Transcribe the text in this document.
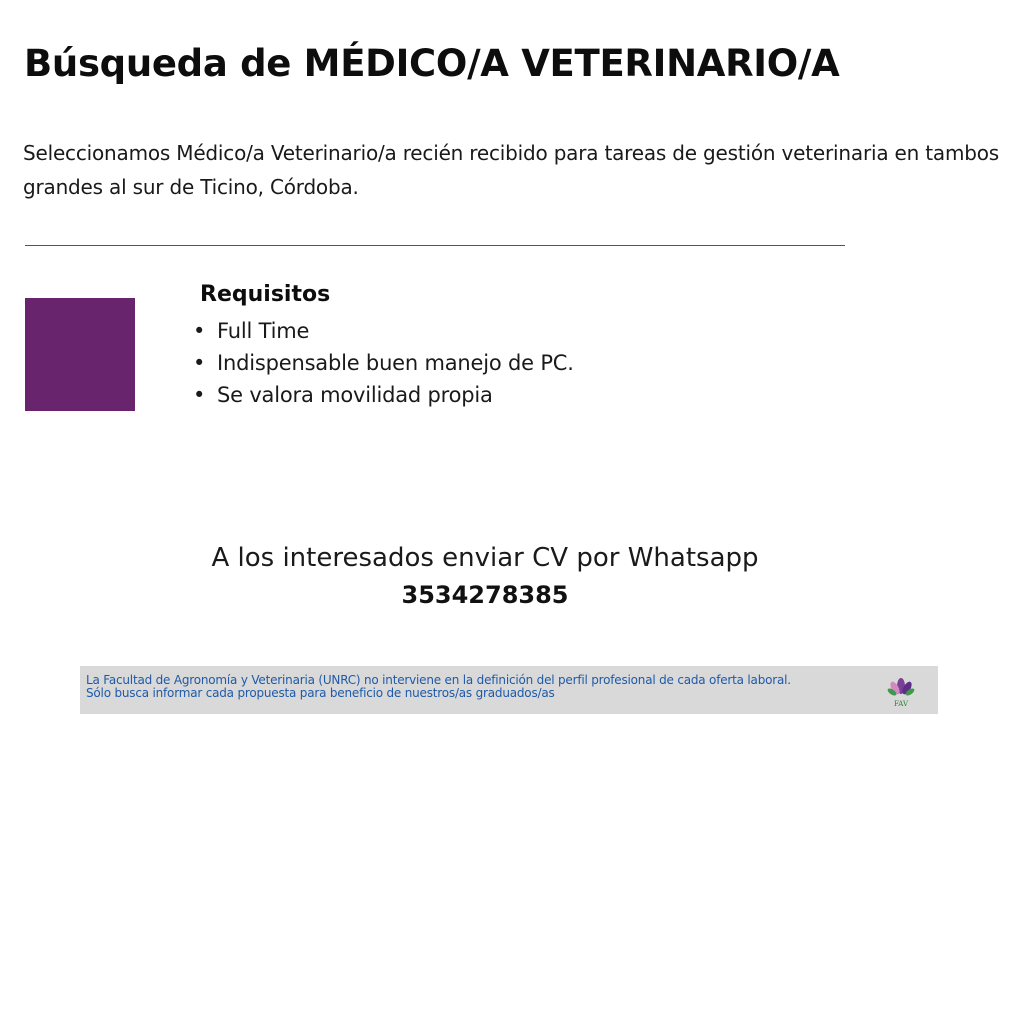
Búsqueda de MÉDICO/A VETERINARIO/A

Seleccionamos Médico/a Veterinario/a recién recibido para tareas de gestión veterinaria en tambos grandes al sur de Ticino, Córdoba.

Requisitos
• Full Time
• Indispensable buen manejo de PC.
• Se valora movilidad propia
A los interesados enviar CV por Whatsapp
3534278385
La Facultad de Agronomía y Veterinaria (UNRC) no interviene en la definición del perfil profesional de cada oferta laboral.
Sólo busca informar cada propuesta para beneficio de nuestros/as graduados/as
FAV
